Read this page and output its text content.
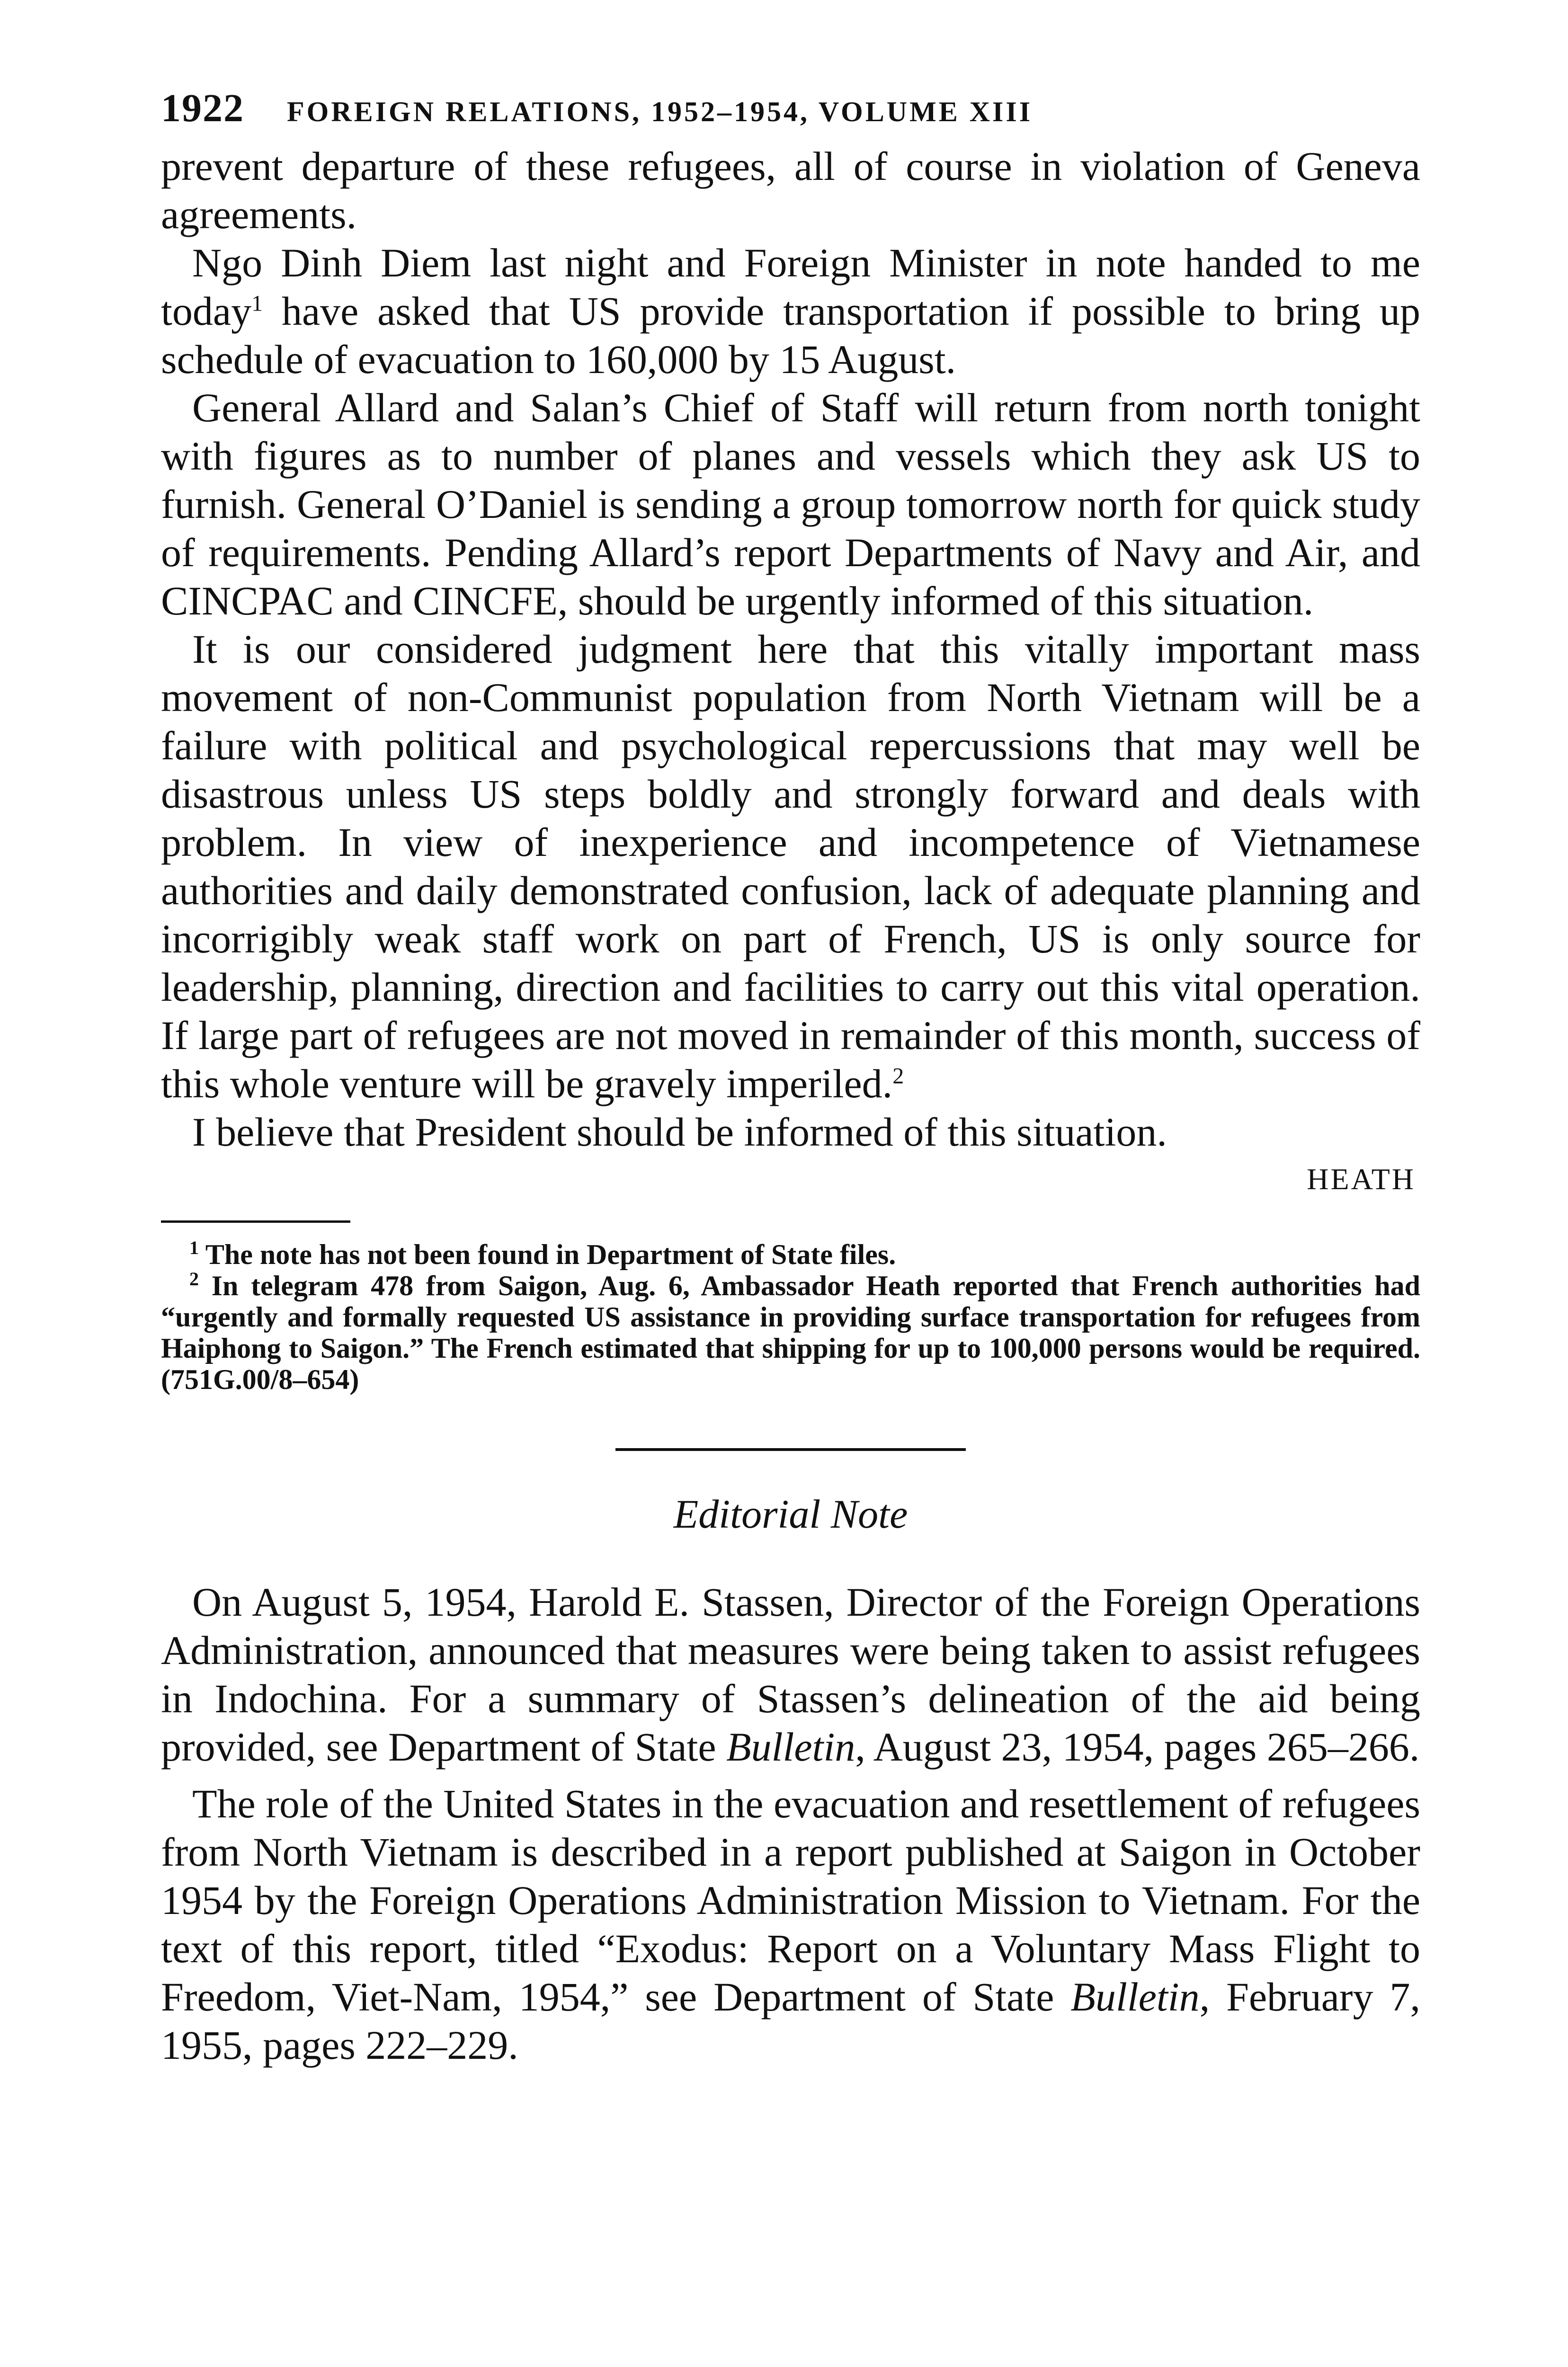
1922 FOREIGN RELATIONS, 1952–1954, VOLUME XIII

prevent departure of these refugees, all of course in violation of Geneva agreements.

Ngo Dinh Diem last night and Foreign Minister in note handed to me today$^1$ have asked that US provide transportation if possible to bring up schedule of evacuation to 160,000 by 15 August.

General Allard and Salan’s Chief of Staff will return from north tonight with figures as to number of planes and vessels which they ask US to furnish. General O’Daniel is sending a group tomorrow north for quick study of requirements. Pending Allard’s report Departments of Navy and Air, and CINCPAC and CINCFE, should be urgently informed of this situation.

It is our considered judgment here that this vitally important mass movement of non-Communist population from North Vietnam will be a failure with political and psychological repercussions that may well be disastrous unless US steps boldly and strongly forward and deals with problem. In view of inexperience and incompetence of Vietnamese authorities and daily demonstrated confusion, lack of adequate planning and incorrigibly weak staff work on part of French, US is only source for leadership, planning, direction and facilities to carry out this vital operation. If large part of refugees are not moved in remainder of this month, success of this whole venture will be gravely imperiled.$^2$

I believe that President should be informed of this situation.

HEATH

$^1$ The note has not been found in Department of State files.

$^2$ In telegram 478 from Saigon, Aug. 6, Ambassador Heath reported that French authorities had “urgently and formally requested US assistance in providing surface transportation for refugees from Haiphong to Saigon.” The French estimated that shipping for up to 100,000 persons would be required. (751G.00/8–654)

Editorial Note

On August 5, 1954, Harold E. Stassen, Director of the Foreign Operations Administration, announced that measures were being taken to assist refugees in Indochina. For a summary of Stassen’s delineation of the aid being provided, see Department of State Bulletin, August 23, 1954, pages 265–266.

The role of the United States in the evacuation and resettlement of refugees from North Vietnam is described in a report published at Saigon in October 1954 by the Foreign Operations Administration Mission to Vietnam. For the text of this report, titled “Exodus: Report on a Voluntary Mass Flight to Freedom, Viet-Nam, 1954,” see Department of State Bulletin, February 7, 1955, pages 222–229.
